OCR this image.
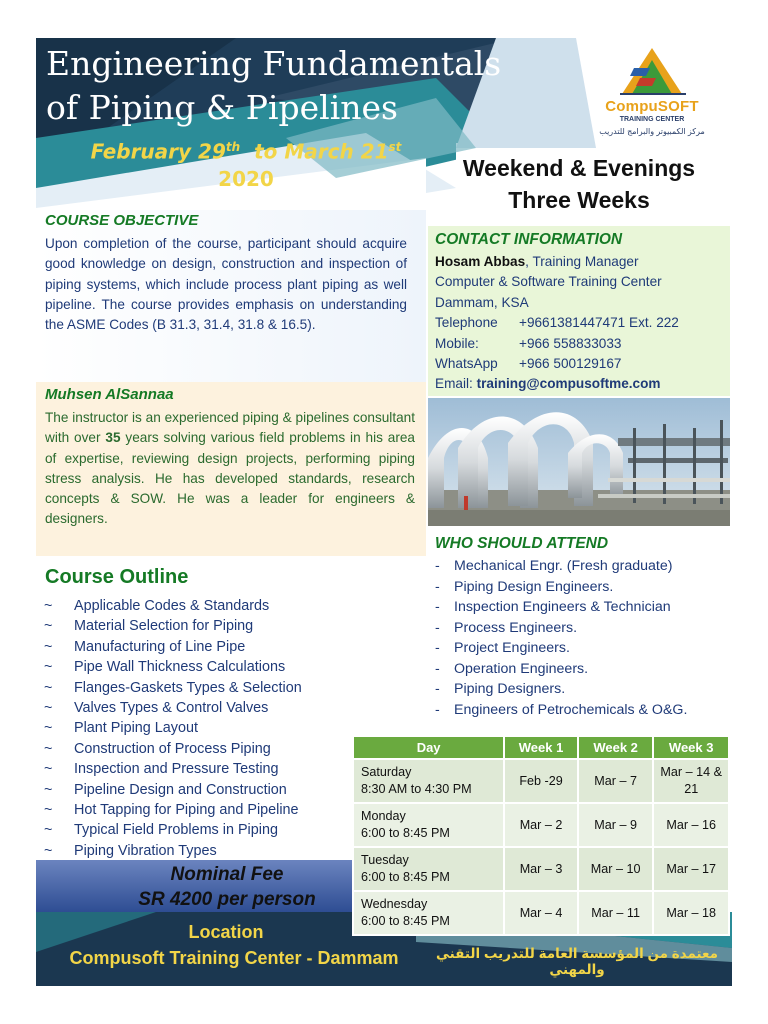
Engineering Fundamentals
of Piping & Pipelines
February 29th to March 21st
2020
CompuSOFT
TRAINING CENTER
مركز الكمبيوتر والبرامج للتدريب
Weekend & Evenings
Three Weeks
COURSE OBJECTIVE
Upon completion of the course, participant should acquire good knowledge on design, construction and inspection of piping systems, which include process plant piping as well pipeline. The course provides emphasis on understanding the ASME Codes (B 31.3, 31.4, 31.8 & 16.5).
Muhsen AlSannaa
The instructor is an experienced piping & pipelines consultant with over 35 years solving various field problems in his area of expertise, reviewing design projects, performing piping stress analysis. He has developed standards, research concepts & SOW. He was a leader for engineers & designers.
Course Outline
~ Applicable Codes & Standards
~ Material Selection for Piping
~ Manufacturing of Line Pipe
~ Pipe Wall Thickness Calculations
~ Flanges-Gaskets Types & Selection
~ Valves Types & Control Valves
~ Plant Piping Layout
~ Construction of Process Piping
~ Inspection and Pressure Testing
~ Pipeline Design and Construction
~ Hot Tapping for Piping and Pipeline
~ Typical Field Problems in Piping
~ Piping Vibration Types
Nominal Fee
SR 4200 per person
Location
Compusoft Training Center - Dammam	معتمدة من المؤسسة العامة للتدريب التقني والمهني
CONTACT INFORMATION
Hosam Abbas, Training Manager
Computer & Software Training Center
Dammam, KSA
Telephone +9661381447471 Ext. 222
Mobile:	+966 558833033
WhatsApp +966 500129167
Email: training@compusoftme.com
WHO SHOULD ATTEND
- Mechanical Engr. (Fresh graduate)
- Piping Design Engineers.
- Inspection Engineers & Technician
- Process Engineers.
- Project Engineers.
- Operation Engineers.
- Piping Designers.
- Engineers of Petrochemicals & O&G.
Day	Week 1	Week 2	Week 3

Saturday
8:30 AM to 4:30 PM	Feb -29	Mar – 7	Mar – 14 & 21

Monday
6:00 to 8:45 PM	Mar – 2	Mar – 9	Mar – 16

Tuesday
6:00 to 8:45 PM	Mar – 3	Mar – 10	Mar – 17

Wednesday
6:00 to 8:45 PM	Mar – 4	Mar – 11	Mar – 18
